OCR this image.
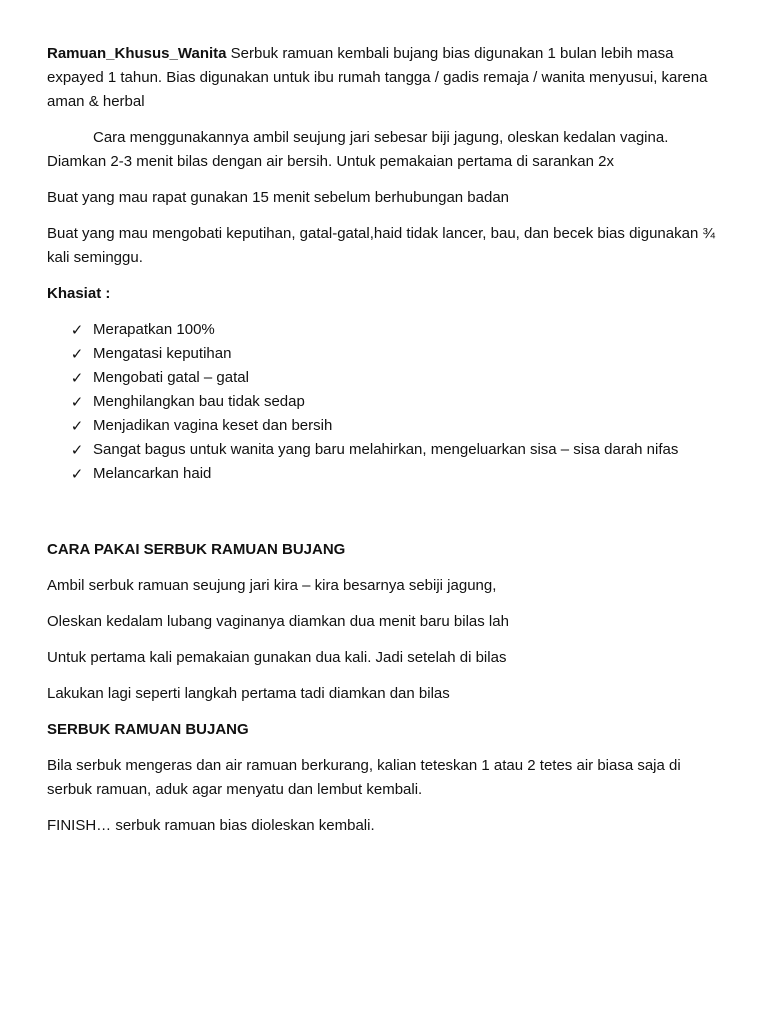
Ramuan_Khusus_Wanita Serbuk ramuan kembali bujang bias digunakan 1 bulan lebih masa expayed 1 tahun. Bias digunakan untuk ibu rumah tangga / gadis remaja / wanita menyusui, karena aman & herbal

Cara menggunakannya ambil seujung jari sebesar biji jagung, oleskan kedalan vagina. Diamkan 2-3 menit bilas dengan air bersih. Untuk pemakaian pertama di sarankan 2x

Buat yang mau rapat gunakan 15 menit sebelum berhubungan badan

Buat yang mau mengobati keputihan, gatal-gatal,haid tidak lancer, bau, dan becek bias digunakan ¾ kali seminggu.

Khasiat :

✓ Merapatkan 100%
✓ Mengatasi keputihan
✓ Mengobati gatal – gatal
✓ Menghilangkan bau tidak sedap
✓ Menjadikan vagina keset dan bersih
✓ Sangat bagus untuk wanita yang baru melahirkan, mengeluarkan sisa – sisa darah nifas
✓ Melancarkan haid

CARA PAKAI SERBUK RAMUAN BUJANG

Ambil serbuk ramuan seujung jari kira – kira besarnya sebiji jagung,

Oleskan kedalam lubang vaginanya diamkan dua menit baru bilas lah

Untuk pertama kali pemakaian gunakan dua kali. Jadi setelah di bilas

Lakukan lagi seperti langkah pertama tadi diamkan dan bilas

SERBUK RAMUAN BUJANG

Bila serbuk mengeras dan air ramuan berkurang, kalian teteskan 1 atau 2 tetes air biasa saja di serbuk ramuan, aduk agar menyatu dan lembut kembali.

FINISH… serbuk ramuan bias dioleskan kembali.
